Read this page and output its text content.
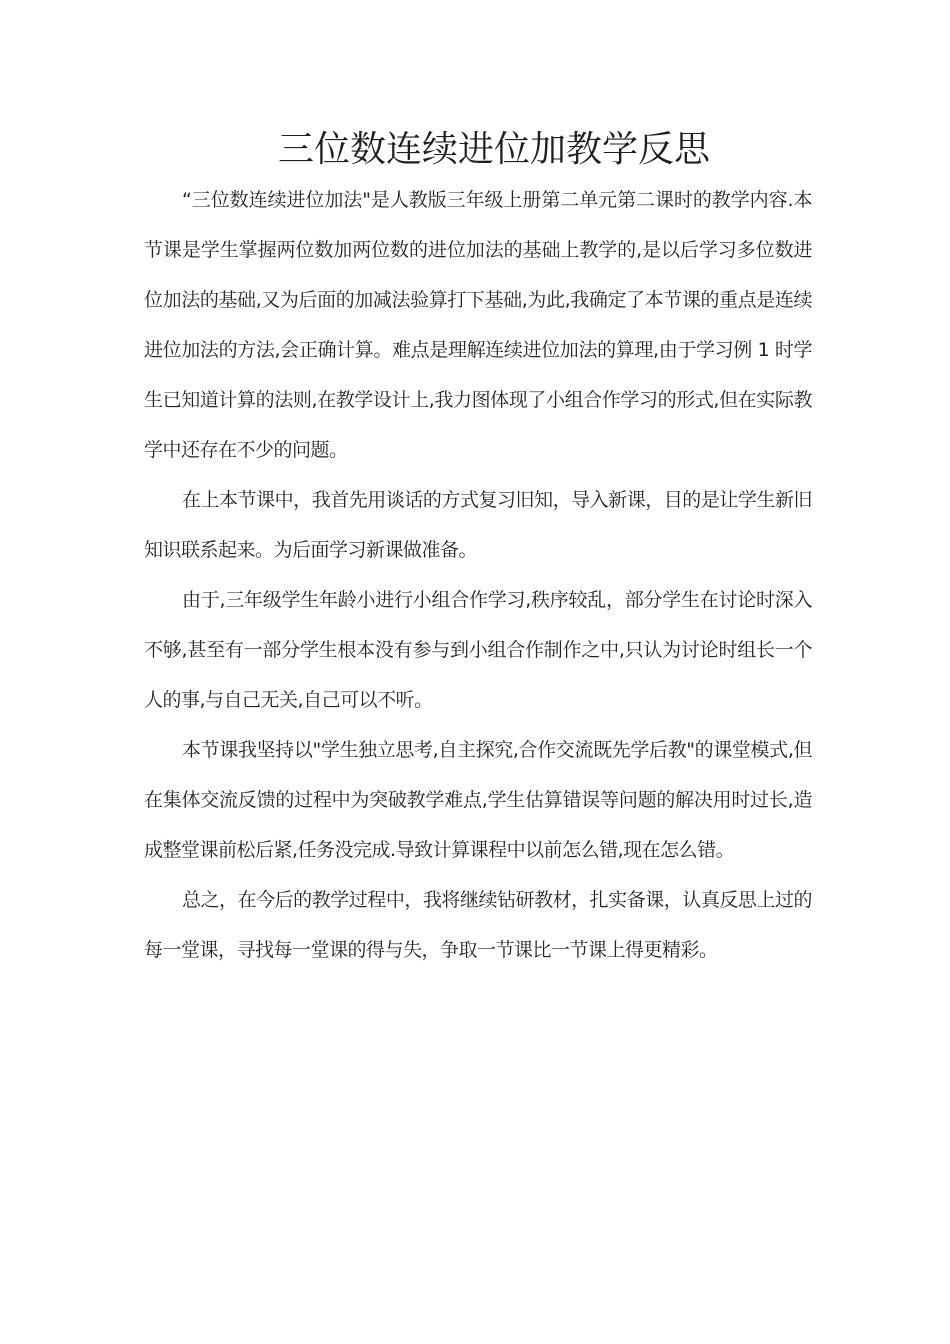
三位数连续进位加教学反思

“三位数连续进位加法"是人教版三年级上册第二单元第二课时的教学内容.本节课是学生掌握两位数加两位数的进位加法的基础上教学的,是以后学习多位数进位加法的基础,又为后面的加减法验算打下基础,为此,我确定了本节课的重点是连续进位加法的方法,会正确计算。难点是理解连续进位加法的算理,由于学习例 1 时学生已知道计算的法则,在教学设计上,我力图体现了小组合作学习的形式,但在实际教学中还存在不少的问题。

在上本节课中，我首先用谈话的方式复习旧知，导入新课，目的是让学生新旧知识联系起来。为后面学习新课做准备。

由于,三年级学生年龄小进行小组合作学习,秩序较乱，部分学生在讨论时深入不够,甚至有一部分学生根本没有参与到小组合作制作之中,只认为讨论时组长一个人的事,与自己无关,自己可以不听。

本节课我坚持以"学生独立思考,自主探究,合作交流既先学后教"的课堂模式,但在集体交流反馈的过程中为突破教学难点,学生估算错误等问题的解决用时过长,造成整堂课前松后紧,任务没完成.导致计算课程中以前怎么错,现在怎么错。

总之，在今后的教学过程中，我将继续钻研教材，扎实备课，认真反思上过的每一堂课，寻找每一堂课的得与失，争取一节课比一节课上得更精彩。
